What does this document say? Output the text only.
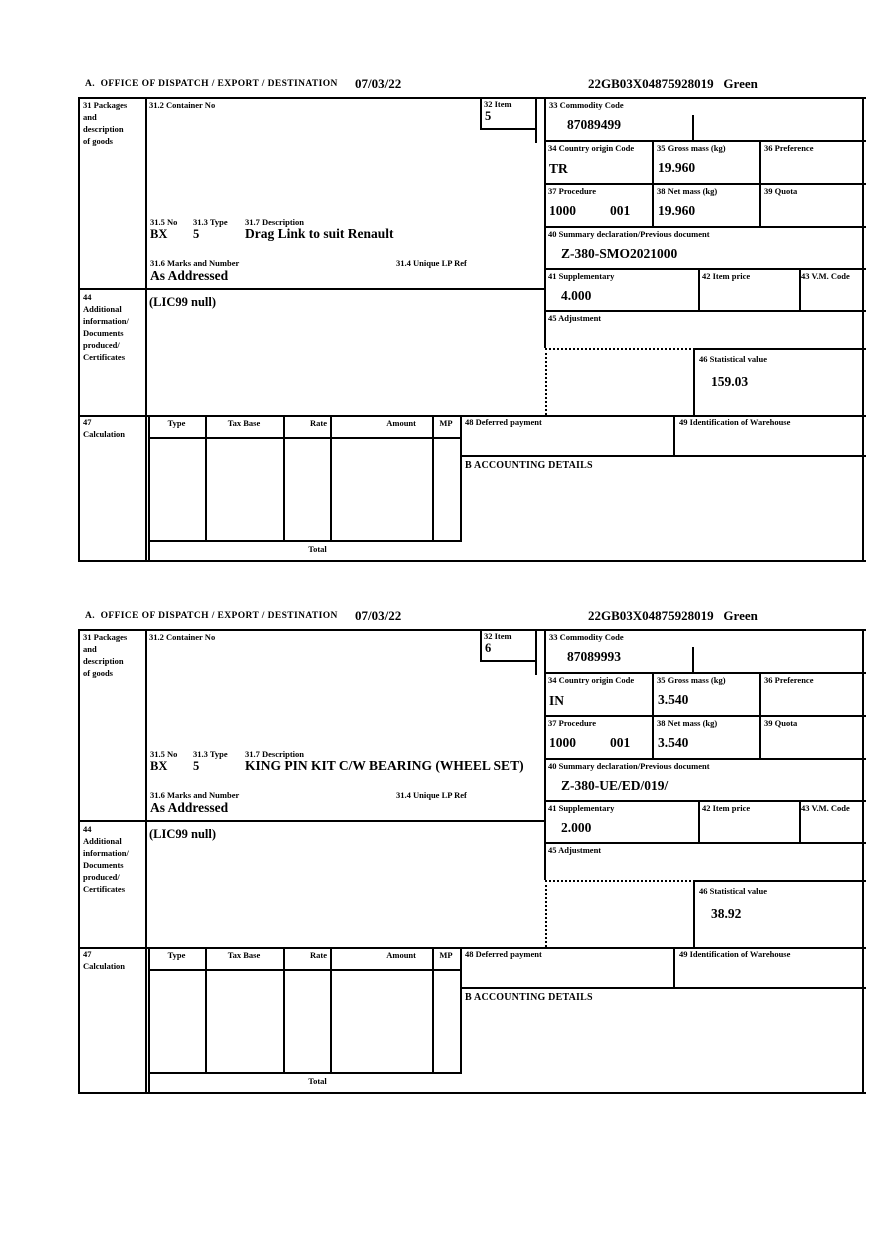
A.  OFFICE OF DISPATCH / EXPORT / DESTINATION 07/03/22	22GB03X04875928019   Green
31 Packages
and
description
of goods
44
Additional
information/
Documents
produced/
Certificates
47
Calculation
31.2 Container No	32 Item
5
31.5 No 31.3 Type 31.7 Description
BX 5	Drag Link to suit Renault
31.6 Marks and Number	31.4 Unique LP Ref
As Addressed
(LIC99 null)
33 Commodity Code
87089499
34 Country origin Code
TR
35 Gross mass (kg)
19.960
36 Preference
37 Procedure
1000	001
38 Net mass (kg)
19.960
39 Quota
40 Summary declaration/Previous document
Z-380-SMO2021000
41 Supplementary
4.000
42 Item price	43 V.M. Code
45 Adjustment
46 Statistical value
159.03
Type	Tax Base	Rate	Amount	MP
Total
48 Deferred payment	49 Identification of Warehouse
B ACCOUNTING DETAILS
A.  OFFICE OF DISPATCH / EXPORT / DESTINATION 07/03/22	22GB03X04875928019   Green
31 Packages
and
description
of goods
44
Additional
information/
Documents
produced/
Certificates
47
Calculation
31.2 Container No	32 Item
6
31.5 No 31.3 Type 31.7 Description
BX 5	KING PIN KIT C/W BEARING (WHEEL SET)
31.6 Marks and Number	31.4 Unique LP Ref
As Addressed
(LIC99 null)
33 Commodity Code
87089993
34 Country origin Code
IN
35 Gross mass (kg)
3.540
36 Preference
37 Procedure
1000	001
38 Net mass (kg)
3.540
39 Quota
40 Summary declaration/Previous document
Z-380-UE/ED/019/
41 Supplementary
2.000
42 Item price	43 V.M. Code
45 Adjustment
46 Statistical value
38.92
Type	Tax Base	Rate	Amount	MP
Total
48 Deferred payment	49 Identification of Warehouse
B ACCOUNTING DETAILS
